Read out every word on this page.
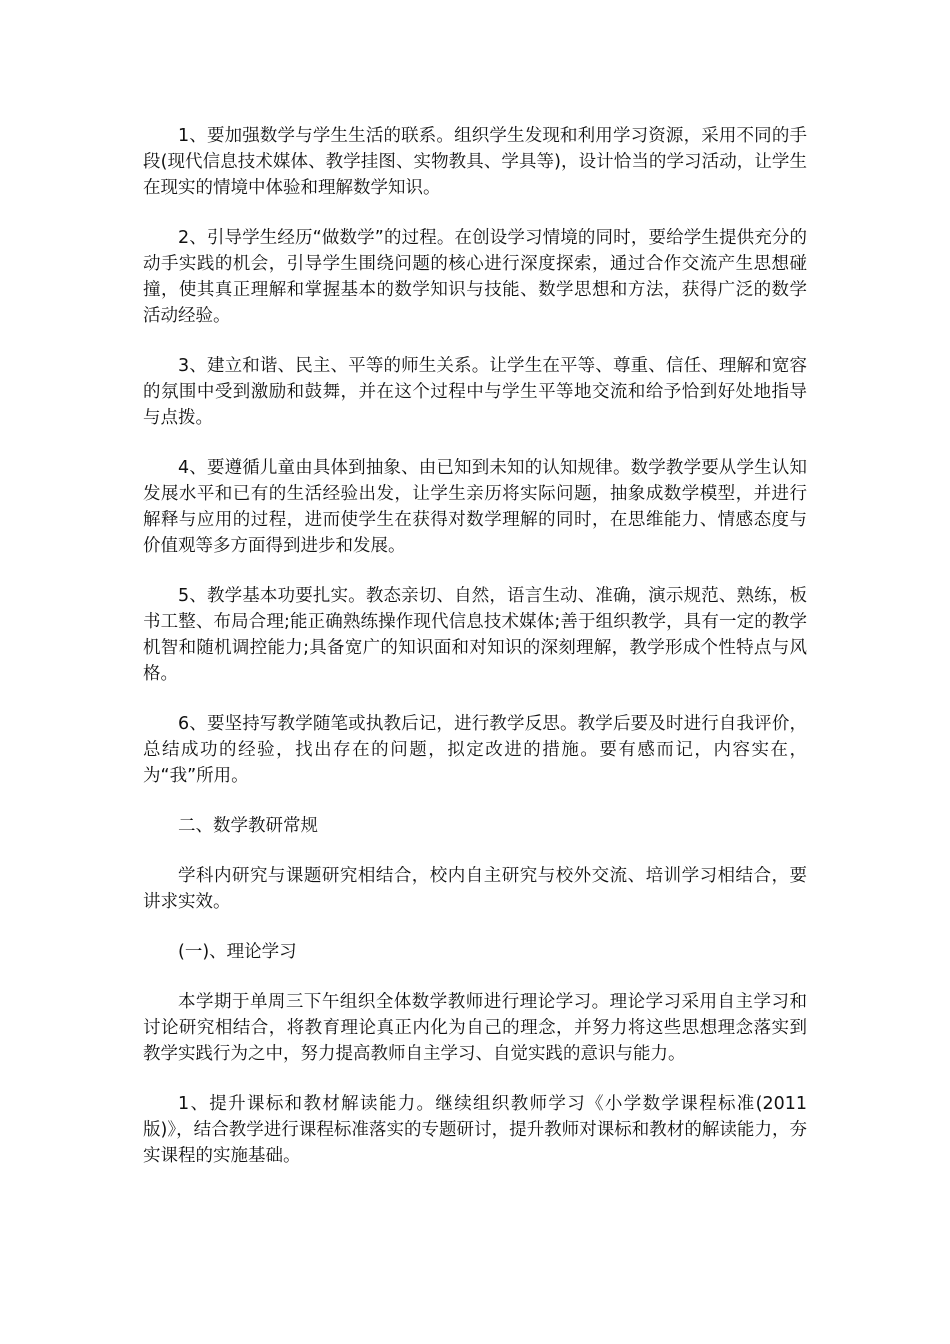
1、要加强数学与学生生活的联系。组织学生发现和利用学习资源，采用不同的手段(现代信息技术媒体、教学挂图、实物教具、学具等)，设计恰当的学习活动，让学生在现实的情境中体验和理解数学知识。

2、引导学生经历“做数学”的过程。在创设学习情境的同时，要给学生提供充分的动手实践的机会，引导学生围绕问题的核心进行深度探索，通过合作交流产生思想碰撞，使其真正理解和掌握基本的数学知识与技能、数学思想和方法，获得广泛的数学活动经验。

3、建立和谐、民主、平等的师生关系。让学生在平等、尊重、信任、理解和宽容的氛围中受到激励和鼓舞，并在这个过程中与学生平等地交流和给予恰到好处地指导与点拨。

4、要遵循儿童由具体到抽象、由已知到未知的认知规律。数学教学要从学生认知发展水平和已有的生活经验出发，让学生亲历将实际问题，抽象成数学模型，并进行解释与应用的过程，进而使学生在获得对数学理解的同时，在思维能力、情感态度与价值观等多方面得到进步和发展。

5、教学基本功要扎实。教态亲切、自然，语言生动、准确，演示规范、熟练，板书工整、布局合理;能正确熟练操作现代信息技术媒体;善于组织教学，具有一定的教学机智和随机调控能力;具备宽广的知识面和对知识的深刻理解，教学形成个性特点与风格。

6、要坚持写教学随笔或执教后记，进行教学反思。教学后要及时进行自我评价，总结成功的经验，找出存在的问题，拟定改进的措施。要有感而记，内容实在，为“我”所用。

二、数学教研常规

学科内研究与课题研究相结合，校内自主研究与校外交流、培训学习相结合，要讲求实效。

(一)、理论学习

本学期于单周三下午组织全体数学教师进行理论学习。理论学习采用自主学习和讨论研究相结合，将教育理论真正内化为自己的理念，并努力将这些思想理念落实到教学实践行为之中，努力提高教师自主学习、自觉实践的意识与能力。

1、提升课标和教材解读能力。继续组织教师学习《小学数学课程标准(2011版)》，结合教学进行课程标准落实的专题研讨，提升教师对课标和教材的解读能力，夯实课程的实施基础。
